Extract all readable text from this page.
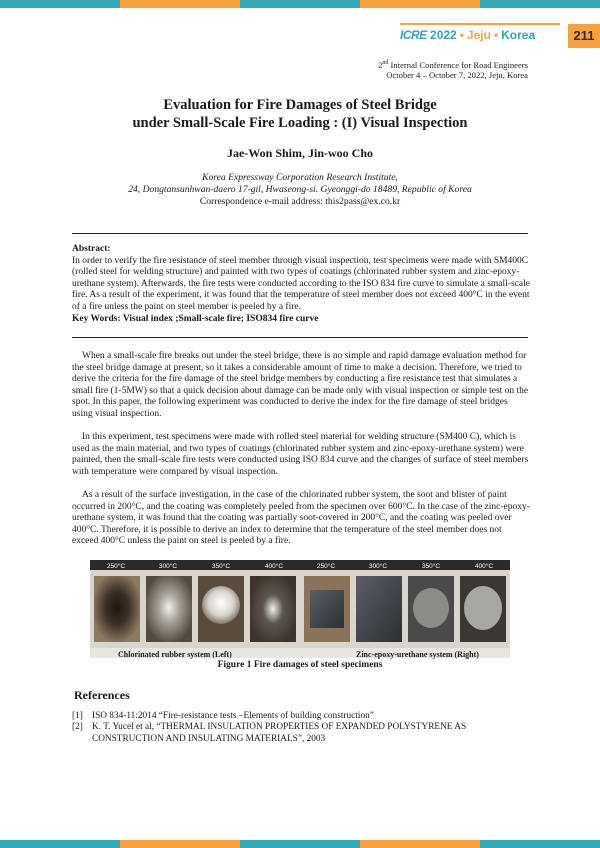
ICRE 2022 • Jeju • Korea	211
2nd Internal Conference for Road Engineers
October 4 – October 7, 2022, Jeju, Korea
Evaluation for Fire Damages of Steel Bridge
under Small-Scale Fire Loading : (I) Visual Inspection
Jae-Won Shim, Jin-woo Cho
Korea Expressway Corporation Research Institute,
24, Dongtansunhwan-daero 17-gil, Hwaseong-si. Gyeonggi-do 18489, Republic of Korea
Correspondence e-mail address: this2pass@ex.co.kr
Abstract:
In order to verify the fire resistance of steel member through visual inspection, test specimens were made with SM400C (rolled steel for welding structure) and painted with two types of coatings (chlorinated rubber system and zinc-epoxy-urethane system). Afterwards, the fire tests were conducted according to the ISO 834 fire curve to simulate a small-scale fire. As a result of the experiment, it was found that the temperature of steel member does not exceed 400°C in the event of a fire unless the paint on steel member is peeled by a fire.
Key Words: Visual index ;Small-scale fire; ISO834 fire curve

When a small-scale fire breaks out under the steel bridge, there is no simple and rapid damage evaluation method for the steel bridge damage at present, so it takes a considerable amount of time to make a decision. Therefore, we tried to derive the criteria for the fire damage of the steel bridge members by conducting a fire resistance test that simulates a small fire (1-5MW) so that a quick decision about damage can be made only with visual inspection or simple test on the spot. In this paper, the following experiment was conducted to derive the index for the fire damage of steel bridges using visual inspection.

In this experiment, test specimens were made with rolled steel material for welding structure (SM400 C), which is used as the main material, and two types of coatings (chlorinated rubber system and zinc-epoxy-urethane system) were painted, then the small-scale fire tests were conducted using ISO 834 curve and the changes of surface of steel members with temperature were compared by visual inspection.

As a result of the surface investigation, in the case of the chlorinated rubber system, the soot and blister of paint occurred in 200°C, and the coating was completely peeled from the specimen over 600°C. In the case of the zinc-epoxy-urethane system, it was found that the coating was partially soot-covered in 200°C, and the coating was peeled over 400°C. Therefore, it is possible to derive an index to determine that the temperature of the steel member does not exceed 400°C unless the paint on steel is peeled by a fire.

250°C	300°C	350°C	400°C	250°C	300°C	350°C	400°C
Chlorinated rubber system (Left)	Zinc-epoxy-urethane system (Right)
Figure 1 Fire damages of steel specimens
References
[1] ISO 834-11:2014 “Fire-resistance tests –Elements of building construction”
[2] K. T. Yucel et al, “THERMAL INSULATION PROPERTIES OF EXPANDED POLYSTYRENE AS CONSTRUCTION AND INSULATING MATERIALS”, 2003
